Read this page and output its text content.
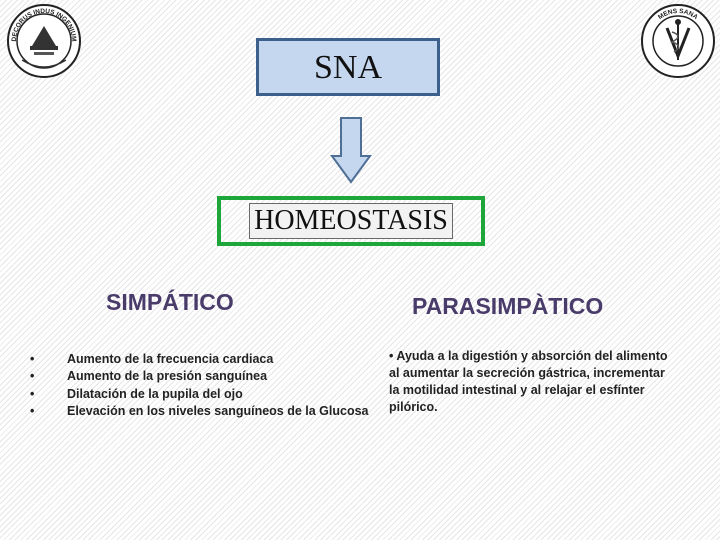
DECORUS INDUS INGENIUM
MENS SANA
SNA
HOMEOSTASIS
SIMPÁTICO	PARASIMPÀTICO
•	Aumento de la frecuencia cardiaca
•	Aumento de la presión sanguínea
•	Dilatación de la pupila del ojo
•	Elevación en los niveles sanguíneos de la Glucosa

• Ayuda a la digestión y absorción del alimento al aumentar la secreción gástrica, incrementar la motilidad intestinal y al relajar el esfínter pilórico.
